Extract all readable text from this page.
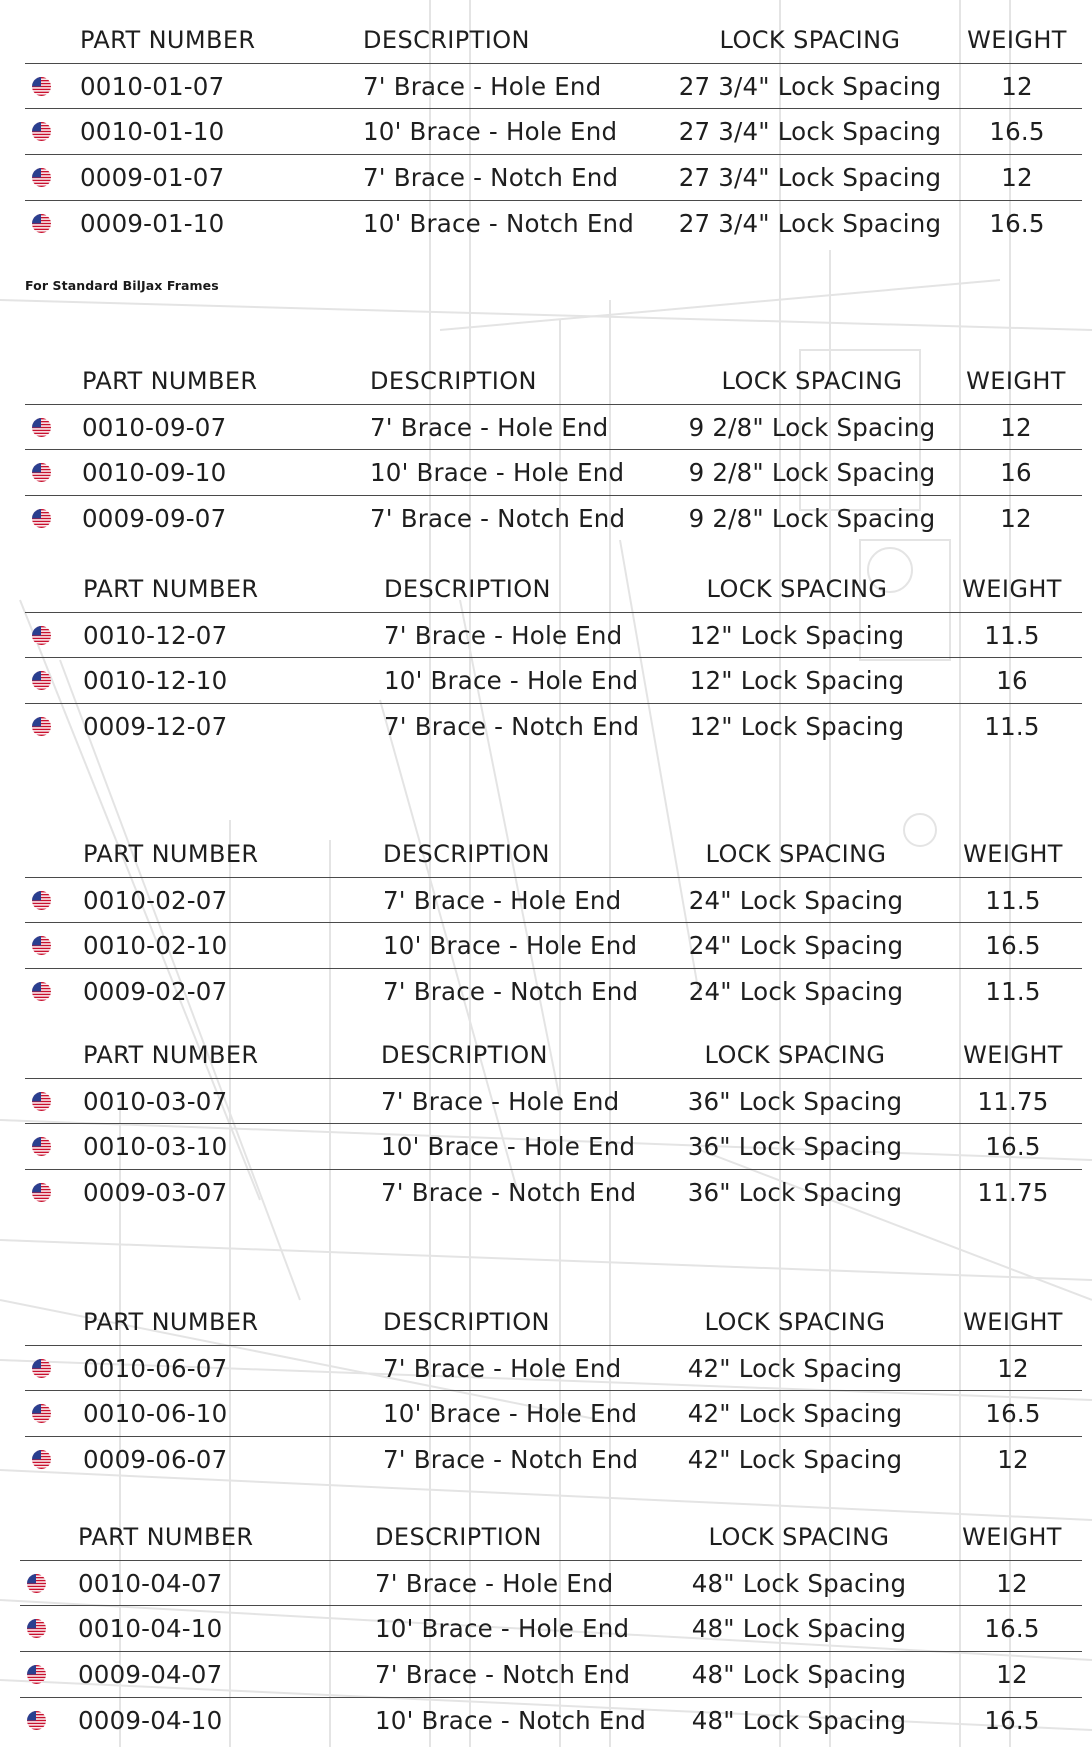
PART NUMBER	DESCRIPTION	LOCK SPACING	WEIGHT
0010-01-07	7' Brace - Hole End	27 3/4" Lock Spacing	12
0010-01-10	10' Brace - Hole End	27 3/4" Lock Spacing	16.5
0009-01-07	7' Brace - Notch End	27 3/4" Lock Spacing	12
0009-01-10	10' Brace - Notch End	27 3/4" Lock Spacing	16.5
PART NUMBER	DESCRIPTION	LOCK SPACING	WEIGHT
0010-09-07	7' Brace - Hole End	9 2/8" Lock Spacing	12
0010-09-10	10' Brace - Hole End	9 2/8" Lock Spacing	16
0009-09-07	7' Brace - Notch End	9 2/8" Lock Spacing	12
PART NUMBER	DESCRIPTION	LOCK SPACING	WEIGHT
0010-12-07	7' Brace - Hole End	12" Lock Spacing	11.5
0010-12-10	10' Brace - Hole End	12" Lock Spacing	16
0009-12-07	7' Brace - Notch End	12" Lock Spacing	11.5
PART NUMBER	DESCRIPTION	LOCK SPACING	WEIGHT
0010-02-07	7' Brace - Hole End	24" Lock Spacing	11.5
0010-02-10	10' Brace - Hole End	24" Lock Spacing	16.5
0009-02-07	7' Brace - Notch End	24" Lock Spacing	11.5
PART NUMBER	DESCRIPTION	LOCK SPACING	WEIGHT
0010-03-07	7' Brace - Hole End	36" Lock Spacing	11.75
0010-03-10	10' Brace - Hole End	36" Lock Spacing	16.5
0009-03-07	7' Brace - Notch End	36" Lock Spacing	11.75
PART NUMBER	DESCRIPTION	LOCK SPACING	WEIGHT
0010-06-07	7' Brace - Hole End	42" Lock Spacing	12
0010-06-10	10' Brace - Hole End	42" Lock Spacing	16.5
0009-06-07	7' Brace - Notch End	42" Lock Spacing	12
PART NUMBER	DESCRIPTION	LOCK SPACING	WEIGHT
0010-04-07	7' Brace - Hole End	48" Lock Spacing	12
0010-04-10	10' Brace - Hole End	48" Lock Spacing	16.5
0009-04-07	7' Brace - Notch End	48" Lock Spacing	12
0009-04-10	10' Brace - Notch End	48" Lock Spacing	16.5
For Standard BilJax Frames
